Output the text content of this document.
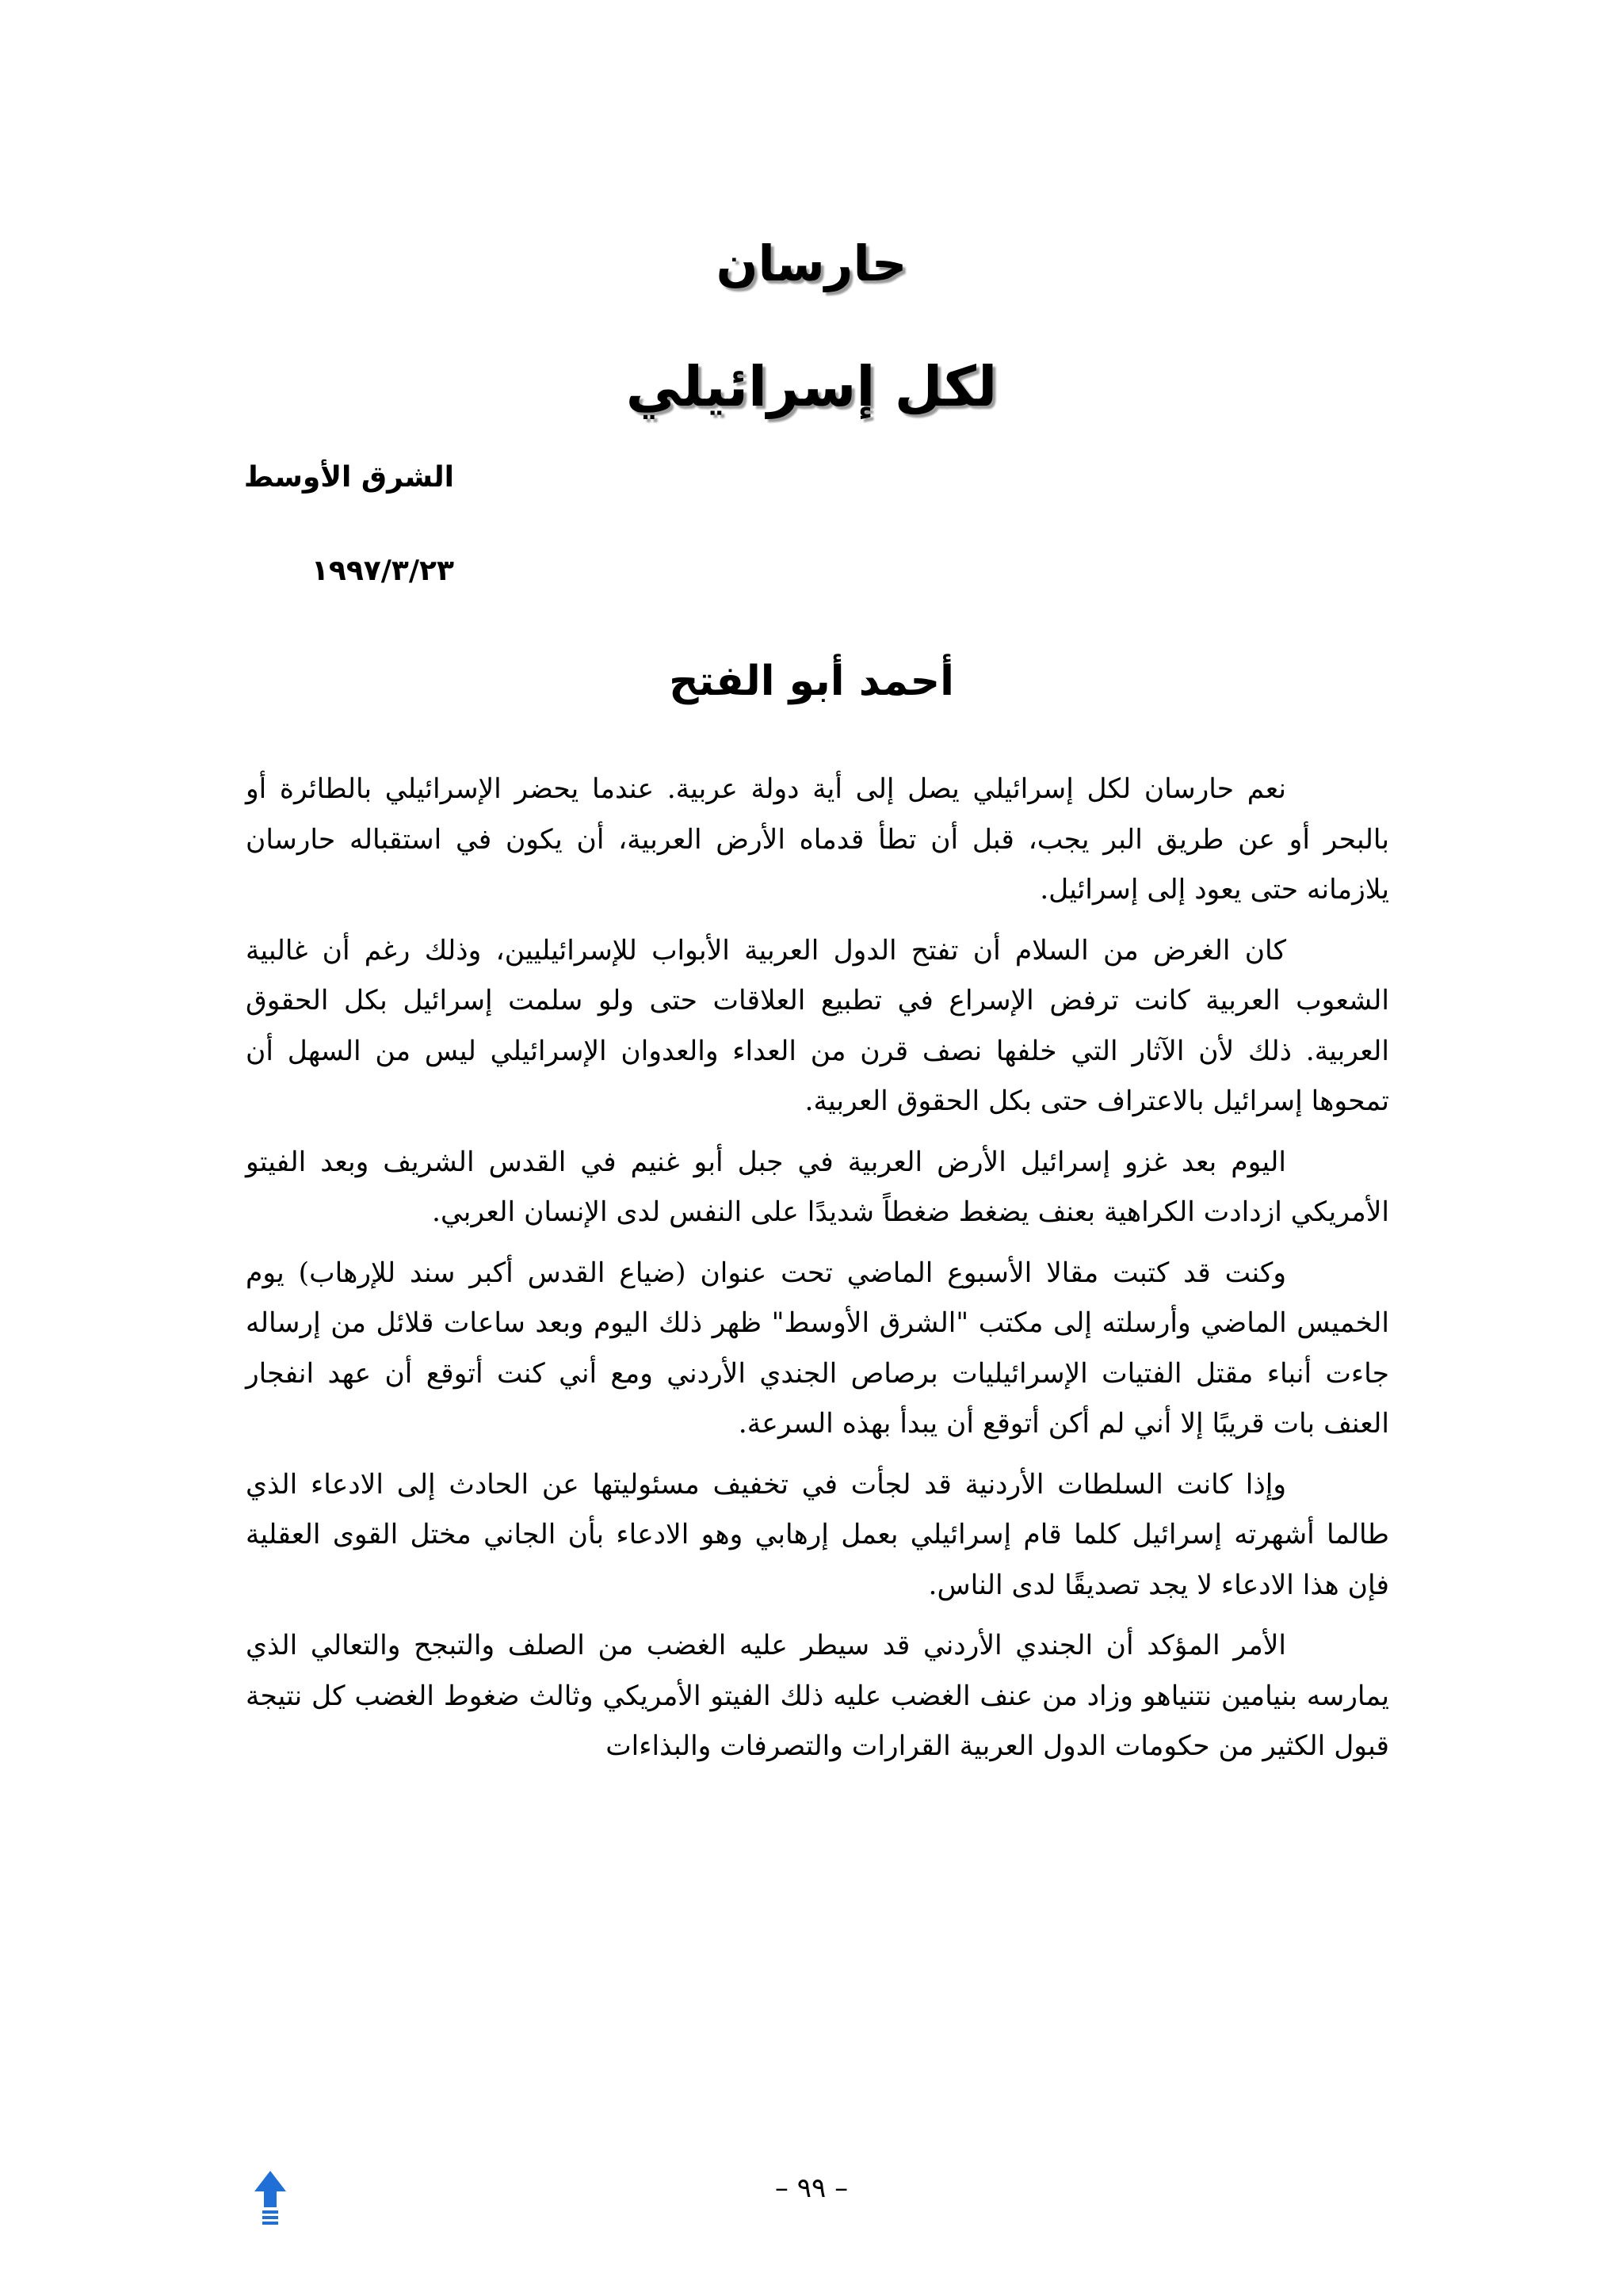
حارسان
لكل إسرائيلي
الشرق الأوسط
١٩٩٧/٣/٢٣
أحمد أبو الفتح

نعم حارسان لكل إسرائيلي يصل إلى أية دولة عربية. عندما يحضر الإسرائيلي بالطائرة أو بالبحر أو عن طريق البر يجب، قبل أن تطأ قدماه الأرض العربية، أن يكون في استقباله حارسان يلازمانه حتى يعود إلى إسرائيل.

كان الغرض من السلام أن تفتح الدول العربية الأبواب للإسرائيليين، وذلك رغم أن غالبية الشعوب العربية كانت ترفض الإسراع في تطبيع العلاقات حتى ولو سلمت إسرائيل بكل الحقوق العربية. ذلك لأن الآثار التي خلفها نصف قرن من العداء والعدوان الإسرائيلي ليس من السهل أن تمحوها إسرائيل بالاعتراف حتى بكل الحقوق العربية.

اليوم بعد غزو إسرائيل الأرض العربية في جبل أبو غنيم في القدس الشريف وبعد الفيتو الأمريكي ازدادت الكراهية بعنف يضغط ضغطاً شديدًا على النفس لدى الإنسان العربي.

وكنت قد كتبت مقالا الأسبوع الماضي تحت عنوان (ضياع القدس أكبر سند للإرهاب) يوم الخميس الماضي وأرسلته إلى مكتب "الشرق الأوسط" ظهر ذلك اليوم وبعد ساعات قلائل من إرساله جاءت أنباء مقتل الفتيات الإسرائيليات برصاص الجندي الأردني ومع أني كنت أتوقع أن عهد انفجار العنف بات قريبًا إلا أني لم أكن أتوقع أن يبدأ بهذه السرعة.

وإذا كانت السلطات الأردنية قد لجأت في تخفيف مسئوليتها عن الحادث إلى الادعاء الذي طالما أشهرته إسرائيل كلما قام إسرائيلي بعمل إرهابي وهو الادعاء بأن الجاني مختل القوى العقلية فإن هذا الادعاء لا يجد تصديقًا لدى الناس.

الأمر المؤكد أن الجندي الأردني قد سيطر عليه الغضب من الصلف والتبجح والتعالي الذي يمارسه بنيامين نتنياهو وزاد من عنف الغضب عليه ذلك الفيتو الأمريكي وثالث ضغوط الغضب كل نتيجة قبول الكثير من حكومات الدول العربية القرارات والتصرفات والبذاءات

– ٩٩ –
